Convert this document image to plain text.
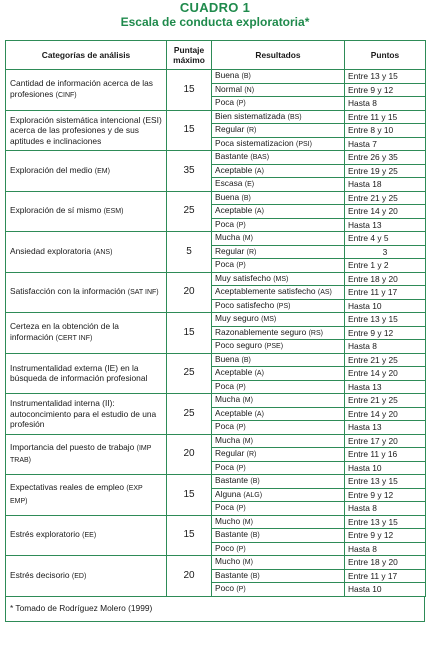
CUADRO 1
Escala de conducta exploratoria*
Categorías de análisis	Puntaje máximo	Resultados	Puntos
Cantidad de información acerca de las profesiones (CINF)	15	Buena (B)	Entre 13 y 15
		Normal (N)	Entre 9 y 12
		Poca (P)	Hasta 8
Exploración sistemática intencional (ESI) acerca de las profesiones y de sus aptitudes e inclinaciones	15	Bien sistematizada (BS)	Entre 11 y 15
		Regular (R)	Entre 8 y 10
		Poca sistematizacion (PSI)	Hasta 7
Exploración del medio (EM)	35	Bastante (BAS)	Entre 26 y 35
		Aceptable (A)	Entre 19 y 25
		Escasa (E)	Hasta 18
Exploración de sí mismo (ESM)	25	Buena (B)	Entre 21 y 25
		Aceptable (A)	Entre 14 y 20
		Poca (P)	Hasta 13
Ansiedad exploratoria (ANS)	5	Mucha (M)	Entre 4 y 5
		Regular (R)	3
		Poca (P)	Entre 1 y 2
Satisfacción con la información (SAT INF)	20	Muy satisfecho (MS)	Entre 18 y 20
		Aceptablemente satisfecho (AS)	Entre 11 y 17
		Poco satisfecho (PS)	Hasta 10
Certeza en la obtención de la información (CERT INF)	15	Muy seguro (MS)	Entre 13 y 15
		Razonablemente seguro (RS)	Entre 9 y 12
		Poco seguro (PSE)	Hasta 8
Instrumentalidad externa (IE) en la búsqueda de información profesional	25	Buena (B)	Entre 21 y 25
		Aceptable (A)	Entre 14 y 20
		Poca (P)	Hasta 13
Instrumentalidad interna (II): autoconcimiento para el estudio de una profesión	25	Mucha (M)	Entre 21 y 25
		Aceptable (A)	Entre 14 y 20
		Poca (P)	Hasta 13
Importancia del puesto de trabajo (IMP TRAB)	20	Mucha (M)	Entre 17 y 20
		Regular (R)	Entre 11 y 16
		Poca (P)	Hasta 10
Expectativas reales de empleo (EXP EMP)	15	Bastante (B)	Entre 13 y 15
		Alguna (ALG)	Entre 9 y 12
		Poca (P)	Hasta 8
Estrés exploratorio (EE)	15	Mucho (M)	Entre 13 y 15
		Bastante (B)	Entre 9 y 12
		Poco (P)	Hasta 8
Estrés decisorio (ED)	20	Mucho (M)	Entre 18 y 20
		Bastante (B)	Entre 11 y 17
		Poco (P)	Hasta 10
* Tomado de Rodríguez Molero (1999)
